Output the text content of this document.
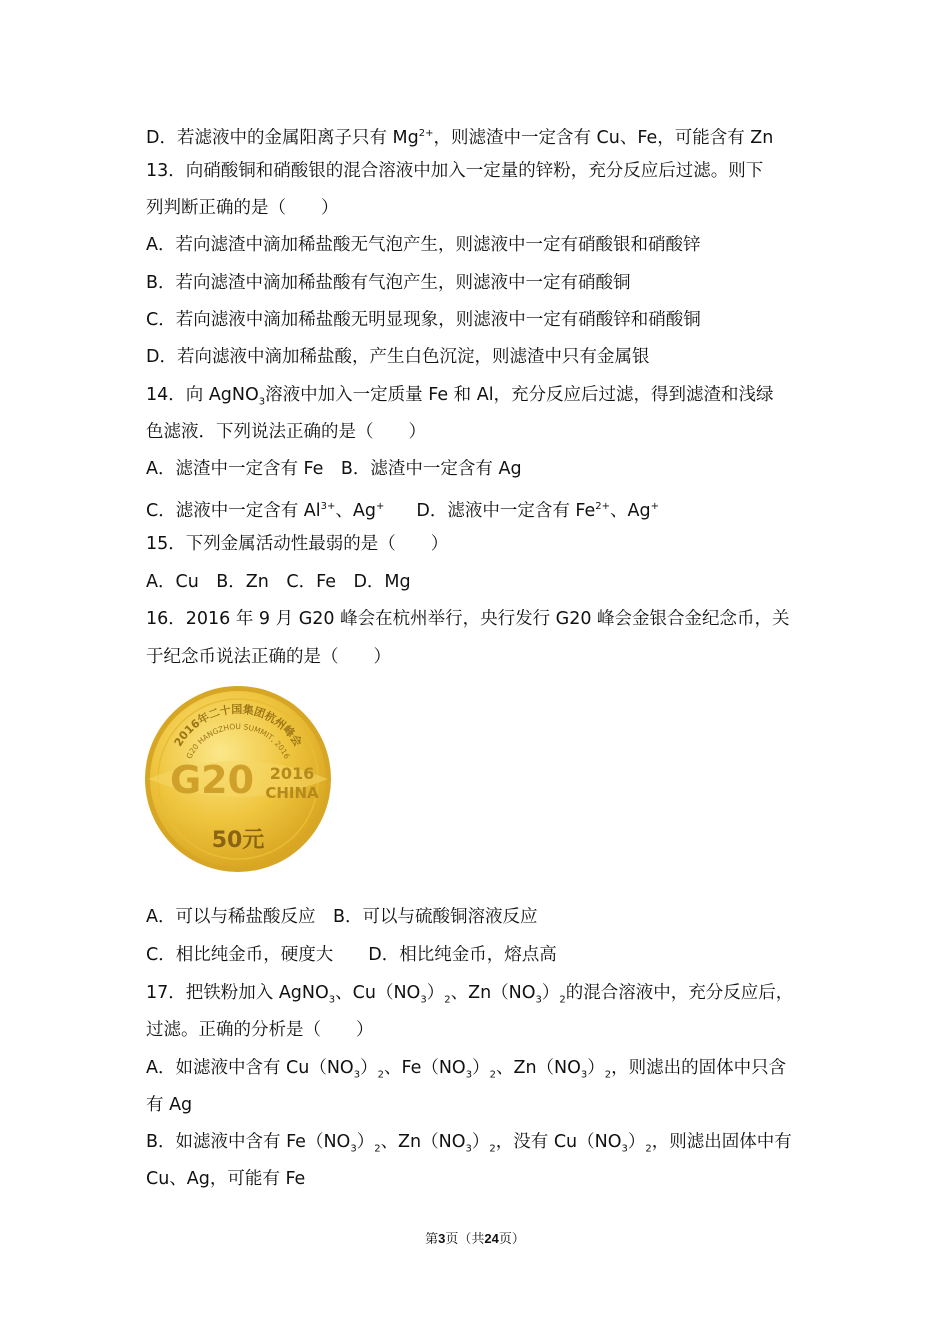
D．若滤液中的金属阳离子只有 $Mg^{2+}$，则滤渣中一定含有 Cu、Fe，可能含有 Zn
13．向硝酸铜和硝酸银的混合溶液中加入一定量的锌粉，充分反应后过滤。则下
列判断正确的是（　　）
A．若向滤渣中滴加稀盐酸无气泡产生，则滤液中一定有硝酸银和硝酸锌
B．若向滤渣中滴加稀盐酸有气泡产生，则滤液中一定有硝酸铜
C．若向滤液中滴加稀盐酸无明显现象，则滤液中一定有硝酸锌和硝酸铜
D．若向滤液中滴加稀盐酸，产生白色沉淀，则滤渣中只有金属银
14．向 AgNO$_3$溶液中加入一定质量 Fe 和 Al，充分反应后过滤，得到滤渣和浅绿
色滤液．下列说法正确的是（　　）
A．滤渣中一定含有 Fe　B．滤渣中一定含有 Ag
C．滤液中一定含有 $Al^{3+}$、Ag+ D．滤液中一定含有 $Fe^{2+}$、Ag+
15．下列金属活动性最弱的是（　　）
A．Cu　B．Zn　C．Fe　D．Mg
16．2016 年 9 月 G20 峰会在杭州举行，央行发行 G20 峰会金银合金纪念币，关
于纪念币说法正确的是（　　）
2016年二十国集团杭州峰会
G20 HANGZHOU SUMMIT, 2016
G20 2016
CHINA
50元
A．可以与稀盐酸反应　B．可以与硫酸铜溶液反应
C．相比纯金币，硬度大　　D．相比纯金币，熔点高
17．把铁粉加入 AgNO$_3$、$Cu(NO_3)_2$、$Zn(NO_3)_2$的混合溶液中，充分反应后，
过滤。正确的分析是（　　）
A．如滤液中含有 $Cu(NO_3)_2$、$Fe(NO_3)_2$、$Zn(NO_3)_2$，则滤出的固体中只含
有 Ag
B．如滤液中含有 $Fe(NO_3)_2$、$Zn(NO_3)_2$，没有 $Cu(NO_3)_2$，则滤出固体中有
Cu、Ag，可能有 Fe
第3页（共24页）
